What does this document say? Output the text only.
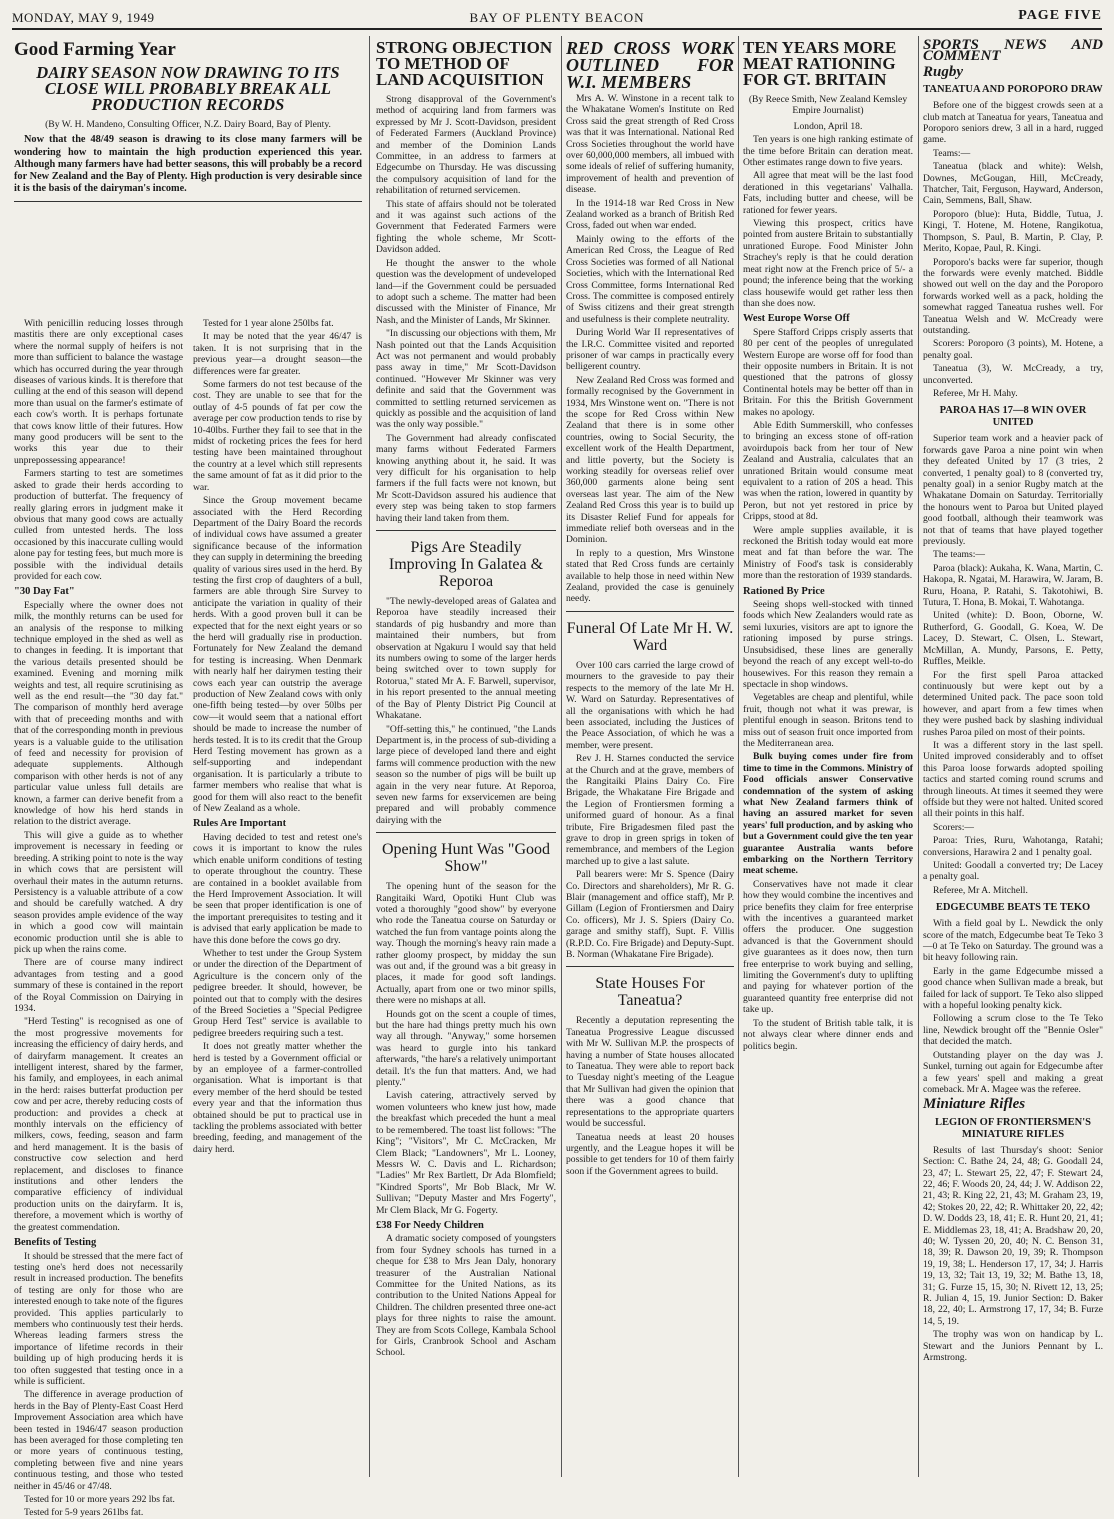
MONDAY, MAY 9, 1949	BAY OF PLENTY BEACON	PAGE FIVE
Good Farming Year
DAIRY SEASON NOW DRAWING TO ITS CLOSE WILL PROBABLY BREAK ALL PRODUCTION RECORDS

(By W. H. Mandeno, Consulting Officer, N.Z. Dairy Board, Bay of Plenty.

Now that the 48/49 season is drawing to its close many farmers will be wondering how to maintain the high production experienced this year. Although many farmers have had better seasons, this will probably be a record for New Zealand and the Bay of Plenty. High production is very desirable since it is the basis of the dairyman's income.

With penicillin reducing losses through mastitis there are only exceptional cases where the normal supply of heifers is not more than sufficient to balance the wastage which has occurred during the year through diseases of various kinds. It is therefore that culling at the end of this season will depend more than usual on the farmer's estimate of each cow's worth. It is perhaps fortunate that cows know little of their futures. How many good producers will be sent to the works this year due to their unprepossessing appearance!

Farmers starting to test are sometimes asked to grade their herds according to production of butterfat. The frequency of really glaring errors in judgment make it obvious that many good cows are actually culled from untested herds. The loss occasioned by this inaccurate culling would alone pay for testing fees, but much more is possible with the individual details provided for each cow.

"30 Day Fat"

Especially where the owner does not milk, the monthly returns can be used for an analysis of the response to milking technique employed in the shed as well as to changes in feeding. It is important that the various details presented should be examined. Evening and morning milk weights and test, all require scrutinising as well as the end result—the "30 day fat." The comparison of monthly herd average with that of preceeding months and with that of the corresponding month in previous years is a valuable guide to the utilisation of feed and necessity for provision of adequate supplements. Although comparison with other herds is not of any particular value unless full details are known, a farmer can derive benefit from a knowledge of how his herd stands in relation to the district average.

This will give a guide as to whether improvement is necessary in feeding or breeding. A striking point to note is the way in which cows that are persistent will overhaul their mates in the autumn returns. Persistency is a valuable attribute of a cow and should be carefully watched. A dry season provides ample evidence of the way in which a good cow will maintain economic production until she is able to pick up when the rains come.

There are of course many indirect advantages from testing and a good summary of these is contained in the report of the Royal Commission on Dairying in 1934.

"Herd Testing" is recognised as one of the most progressive movements for increasing the efficiency of dairy herds, and of dairyfarm management. It creates an intelligent interest, shared by the farmer, his family, and employees, in each animal in the herd: raises butterfat production per cow and per acre, thereby reducing costs of production: and provides a check at monthly intervals on the efficiency of milkers, cows, feeding, season and farm and herd management. It is the basis of constructive cow selection and herd replacement, and discloses to finance institutions and other lenders the comparative efficiency of individual production units on the dairyfarm. It is, therefore, a movement which is worthy of the greatest commendation.

Benefits of Testing

It should be stressed that the mere fact of testing one's herd does not necessarily result in increased production. The benefits of testing are only for those who are interested enough to take note of the figures provided. This applies particularly to members who continuously test their herds. Whereas leading farmers stress the importance of lifetime records in their building up of high producing herds it is too often suggested that testing once in a while is sufficient.

The difference in average production of herds in the Bay of Plenty-East Coast Herd Improvement Association area which have been tested in 1946/47 season production has been averaged for those completing ten or more years of continuous testing, completing between five and nine years continuous testing, and those who tested neither in 45/46 or 47/48.

Tested for 10 or more years 292 lbs fat.

Tested for 5-9 years 261lbs fat.

Tested for 1 year alone 250lbs fat.

It may be noted that the year 46/47 is taken. It is not surprising that in the previous year—a drought season—the differences were far greater.

Some farmers do not test because of the cost. They are unable to see that for the outlay of 4-5 pounds of fat per cow the average per cow production tends to rise by 10-40lbs. Further they fail to see that in the midst of rocketing prices the fees for herd testing have been maintained throughout the country at a level which still represents the same amount of fat as it did prior to the war.

Since the Group movement became associated with the Herd Recording Department of the Dairy Board the records of individual cows have assumed a greater significance because of the information they can supply in determining the breeding quality of various sires used in the herd. By testing the first crop of daughters of a bull, farmers are able through Sire Survey to anticipate the variation in quality of their herds. With a good proven bull it can be expected that for the next eight years or so the herd will gradually rise in production. Fortunately for New Zealand the demand for testing is increasing. When Denmark with nearly half her dairymen testing their cows each year can outstrip the average production of New Zealand cows with only one-fifth being tested—by over 50lbs per cow—it would seem that a national effort should be made to increase the number of herds tested. It is to its credit that the Group Herd Testing movement has grown as a self-supporting and independant organisation. It is particularly a tribute to farmer members who realise that what is good for them will also react to the benefit of New Zealand as a whole.

Rules Are Important

Having decided to test and retest one's cows it is important to know the rules which enable uniform conditions of testing to operate throughout the country. These are contained in a booklet available from the Herd Improvement Association. It will be seen that proper identification is one of the important prerequisites to testing and it is advised that early application be made to have this done before the cows go dry.

Whether to test under the Group System or under the direction of the Department of Agriculture is the concern only of the pedigree breeder. It should, however, be pointed out that to comply with the desires of the Breed Societies a "Special Pedigree Group Herd Test" service is available to pedigree breeders requiring such a test.

It does not greatly matter whether the herd is tested by a Government official or by an employee of a farmer-controlled organisation. What is important is that every member of the herd should be tested every year and that the information thus obtained should be put to practical use in tackling the problems associated with better breeding, feeding, and management of the dairy herd.

STRONG OBJECTION TO METHOD OF LAND ACQUISITION

Strong disapproval of the Government's method of acquiring land from farmers was expressed by Mr J. Scott-Davidson, president of Federated Farmers (Auckland Province) and member of the Dominion Lands Committee, in an address to farmers at Edgecumbe on Thursday. He was discussing the compulsory acquisition of land for the rehabilitation of returned servicemen.

This state of affairs should not be tolerated and it was against such actions of the Government that Federated Farmers were fighting the whole scheme, Mr Scott-Davidson added.

He thought the answer to the whole question was the development of undeveloped land—if the Government could be persuaded to adopt such a scheme. The matter had been discussed with the Minister of Finance, Mr Nash, and the Minister of Lands, Mr Skinner.

"In discussing our objections with them, Mr Nash pointed out that the Lands Acquisition Act was not permanent and would probably pass away in time," Mr Scott-Davidson continued. "However Mr Skinner was very definite and said that the Government was committed to settling returned servicemen as quickly as possible and the acquisition of land was the only way possible."

The Government had already confiscated many farms without Federated Farmers knowing anything about it, he said. It was very difficult for his organisation to help farmers if the full facts were not known, but Mr Scott-Davidson assured his audience that every step was being taken to stop farmers having their land taken from them.

Pigs Are Steadily Improving In Galatea & Reporoa

"The newly-developed areas of Galatea and Reporoa have steadily increased their standards of pig husbandry and more than maintained their numbers, but from observation at Ngakuru I would say that held its numbers owing to some of the larger herds being switched over to town supply for Rotorua," stated Mr A. F. Barwell, supervisor, in his report presented to the annual meeting of the Bay of Plenty District Pig Council at Whakatane.

"Off-setting this," he continued, "the Lands Department is, in the process of sub-dividing a large piece of developed land there and eight farms will commence production with the new season so the number of pigs will be built up again in the very near future. At Reporoa, seven new farms for exservicemen are being prepared and will probably commence dairying with the

Opening Hunt Was "Good Show"

The opening hunt of the season for the Rangitaiki Ward, Opotiki Hunt Club was voted a thoroughly "good show" by everyone who rode the Taneatua course on Saturday or watched the fun from vantage points along the way. Though the morning's heavy rain made a rather gloomy prospect, by midday the sun was out and, if the ground was a bit greasy in places, it made for good soft landings. Actually, apart from one or two minor spills, there were no mishaps at all.

Hounds got on the scent a couple of times, but the hare had things pretty much his own way all through. "Anyway," some horsemen was heard to gurgle into his tankard afterwards, "the hare's a relatively unimportant detail. It's the fun that matters. And, we had plenty."

Lavish catering, attractively served by women volunteers who knew just how, made the breakfast which preceded the hunt a meal to be remembered. The toast list follows: "The King"; "Visitors", Mr C. McCracken, Mr Clem Black; "Landowners", Mr L. Looney, Messrs W. C. Davis and L. Richardson; "Ladies" Mr Rex Bartlett, Dr Ada Blomfield; "Kindred Sports", Mr Bob Black, Mr W. Sullivan; "Deputy Master and Mrs Fogerty", Mr Clem Black, Mr G. Fogerty.

£38 For Needy Children

A dramatic society composed of youngsters from four Sydney schools has turned in a cheque for £38 to Mrs Jean Daly, honorary treasurer of the Australian National Committee for the United Nations, as its contribution to the United Nations Appeal for Children. The children presented three one-act plays for three nights to raise the amount. They are from Scots College, Kambala School for Girls, Cranbrook School and Ascham School.

RED CROSS WORK OUTLINED FOR W.I. MEMBERS

Mrs A. W. Winstone in a recent talk to the Whakatane Women's Institute on Red Cross said the great strength of Red Cross was that it was International. National Red Cross Societies throughout the world have over 60,000,000 members, all imbued with some ideals of relief of suffering humanity, improvement of health and prevention of disease.

In the 1914-18 war Red Cross in New Zealand worked as a branch of British Red Cross, faded out when war ended.

Mainly owing to the efforts of the American Red Cross, the League of Red Cross Societies was formed of all National Societies, which with the International Red Cross Committee, forms International Red Cross. The committee is composed entirely of Swiss citizens and their great strength and usefulness is their complete neutrality.

During World War II representatives of the I.R.C. Committee visited and reported prisoner of war camps in practically every belligerent country.

New Zealand Red Cross was formed and formally recognised by the Government in 1934, Mrs Winstone went on. "There is not the scope for Red Cross within New Zealand that there is in some other countries, owing to Social Security, the excellent work of the Health Department, and little poverty, but the Society is working steadily for overseas relief over 360,000 garments alone being sent overseas last year. The aim of the New Zealand Red Cross this year is to build up its Disaster Relief Fund for appeals for immediate relief both overseas and in the Dominion.

In reply to a question, Mrs Winstone stated that Red Cross funds are certainly available to help those in need within New Zealand, provided the case is genuinely needy.

Funeral Of Late Mr H. W. Ward

Over 100 cars carried the large crowd of mourners to the graveside to pay their respects to the memory of the late Mr H. W. Ward on Saturday. Representatives of all the organisations with which he had been associated, including the Justices of the Peace Association, of which he was a member, were present.

Rev J. H. Starnes conducted the service at the Church and at the grave, members of the Rangitaiki Plains Dairy Co. Fire Brigade, the Whakatane Fire Brigade and the Legion of Frontiersmen forming a uniformed guard of honour. As a final tribute, Fire Brigadesmen filed past the grave to drop in green sprigs in token of remembrance, and members of the Legion marched up to give a last salute.

Pall bearers were: Mr S. Spence (Dairy Co. Directors and shareholders), Mr R. G. Blair (management and office staff), Mr P. Gillam (Legion of Frontiersmen and Dairy Co. officers), Mr J. S. Spiers (Dairy Co. garage and smithy staff), Supt. F. Villis (R.P.D. Co. Fire Brigade) and Deputy-Supt. B. Norman (Whakatane Fire Brigade).

State Houses For Taneatua?

Recently a deputation representing the Taneatua Progressive League discussed with Mr W. Sullivan M.P. the prospects of having a number of State houses allocated to Taneatua. They were able to report back to Tuesday night's meeting of the League that Mr Sullivan had given the opinion that there was a good chance that representations to the appropriate quarters would be successful.

Taneatua needs at least 20 houses urgently, and the League hopes it will be possible to get tenders for 10 of them fairly soon if the Government agrees to build.

TEN YEARS MORE MEAT RATIONING FOR GT. BRITAIN

(By Reece Smith, New Zealand Kemsley Empire Journalist)

London, April 18.

Ten years is one high ranking estimate of the time before Britain can deration meat. Other estimates range down to five years.

All agree that meat will be the last food derationed in this vegetarians' Valhalla. Fats, including butter and cheese, will be rationed for fewer years.

Viewing this prospect, critics have pointed from austere Britain to substantially unrationed Europe. Food Minister John Strachey's reply is that he could deration meat right now at the French price of 5/- a pound; the inference being that the working class housewife would get rather less then than she does now.

West Europe Worse Off

Spere Stafford Cripps crisply asserts that 80 per cent of the peoples of unregulated Western Europe are worse off for food than their opposite numbers in Britain. It is not questioned that the patrons of glossy Continental hotels may be better off than in Britain. For this the British Government makes no apology.

Able Edith Summerskill, who confesses to bringing an excess stone of off-ration avoirdupois back from her tour of New Zealand and Australia, calculates that an unrationed Britain would consume meat equivalent to a ration of 20S a head. This was when the ration, lowered in quantity by Peron, but not yet restored in price by Cripps, stood at 8d.

Were ample supplies available, it is reckoned the British today would eat more meat and fat than before the war. The Ministry of Food's task is considerably more than the restoration of 1939 standards.

Rationed By Price

Seeing shops well-stocked with tinned foods which New Zealanders would rate as semi luxuries, visitors are apt to ignore the rationing imposed by purse strings. Unsubsidised, these lines are generally beyond the reach of any except well-to-do housewives. For this reason they remain a spectacle in shop windows.

Vegetables are cheap and plentiful, while fruit, though not what it was prewar, is plentiful enough in season. Britons tend to miss out of season fruit once imported from the Mediterranean area.

Bulk buying comes under fire from time to time in the Commons. Ministry of Food officials answer Conservative condemnation of the system of asking what New Zealand farmers think of having an assured market for seven years' full production, and by asking who but a Government could give the ten year guarantee Australia wants before embarking on the Northern Territory meat scheme.

Conservatives have not made it clear how they would combine the incentives and price benefits they claim for free enterprise with the incentives a guaranteed market offers the producer. One suggestion advanced is that the Government should give guarantees as it does now, then turn free enterprise to work buying and selling, limiting the Government's duty to uplifting and paying for whatever portion of the guaranteed quantity free enterprise did not take up.

To the student of British table talk, it is not always clear where dinner ends and politics begin.

SPORTS NEWS AND COMMENT
Rugby
TANEATUA AND POROPORO DRAW

Before one of the biggest crowds seen at a club match at Taneatua for years, Taneatua and Poroporo seniors drew, 3 all in a hard, rugged game.

Teams:—

Taneatua (black and white): Welsh, Downes, McGougan, Hill, McCready, Thatcher, Tait, Ferguson, Hayward, Anderson, Cain, Semmens, Ball, Shaw.

Poroporo (blue): Huta, Biddle, Tutua, J. Kingi, T. Hotene, M. Hotene, Rangikotua, Thompson, S. Paul, B. Martin, P. Clay, P. Merito, Kopae, Paul, R. Kingi.

Poroporo's backs were far superior, though the forwards were evenly matched. Biddle showed out well on the day and the Poroporo forwards worked well as a pack, holding the somewhat ragged Taneatua rushes well. For Taneatua Welsh and W. McCready were outstanding.

Scorers: Poroporo (3 points), M. Hotene, a penalty goal.

Taneatua (3), W. McCready, a try, unconverted.

Referee, Mr H. Mahy.

PAROA HAS 17—8 WIN OVER UNITED

Superior team work and a heavier pack of forwards gave Paroa a nine point win when they defeated United by 17 (3 tries, 2 converted, 1 penalty goal) to 8 (converted try, penalty goal) in a senior Rugby match at the Whakatane Domain on Saturday. Territorially the honours went to Paroa but United played good football, although their teamwork was not that of teams that have played together previously.

The teams:—

Paroa (black): Aukaha, K. Wana, Martin, C. Hakopa, R. Ngatai, M. Harawira, W. Jaram, B. Ruru, Hoana, P. Ratahi, S. Takotohiwi, B. Tutura, T. Hona, B. Mokai, T. Wahotanga.

United (white): D. Boon, Oborne, W. Rutherford, G. Goodall, G. Koea, W. De Lacey, D. Stewart, C. Olsen, L. Stewart, McMillan, A. Mundy, Parsons, E. Petty, Ruffles, Meikle.

For the first spell Paroa attacked continuously but were kept out by a determined United pack. The pace soon told however, and apart from a few times when they were pushed back by slashing individual rushes Paroa piled on most of their points.

It was a different story in the last spell. United improved considerably and to offset this Paroa loose forwards adopted spoiling tactics and started coming round scrums and through lineouts. At times it seemed they were offside but they were not halted. United scored all their points in this half.

Scorers:—

Paroa: Tries, Ruru, Wahotanga, Ratahi; conversions, Harawira 2 and 1 penalty goal.

United: Goodall a converted try; De Lacey a penalty goal.

Referee, Mr A. Mitchell.

EDGECUMBE BEATS TE TEKO

With a field goal by L. Newdick the only score of the match, Edgecumbe beat Te Teko 3—0 at Te Teko on Saturday. The ground was a bit heavy following rain.

Early in the game Edgecumbe missed a good chance when Sullivan made a break, but failed for lack of support. Te Teko also slipped with a hopeful looking penalty kick.

Following a scrum close to the Te Teko line, Newdick brought off the "Bennie Osler" that decided the match.

Outstanding player on the day was J. Sunkel, turning out again for Edgecumbe after a few years' spell and making a great comeback. Mr A. Magee was the referee.

Miniature Rifles
LEGION OF FRONTIERSMEN'S MINIATURE RIFLES

Results of last Thursday's shoot: Senior Section: C. Bathe 24, 24, 48; G. Goodall 24, 23, 47; L. Stewart 25, 22, 47; F. Stewart 24, 22, 46; F. Woods 20, 24, 44; J. W. Addison 22, 21, 43; R. King 22, 21, 43; M. Graham 23, 19, 42; Stokes 20, 22, 42; R. Whittaker 20, 22, 42; D. W. Dodds 23, 18, 41; E. R. Hunt 20, 21, 41; E. Middlemas 23, 18, 41; A. Bradshaw 20, 20, 40; W. Tyssen 20, 20, 40; N. C. Benson 31, 18, 39; R. Dawson 20, 19, 39; R. Thompson 19, 19, 38; L. Henderson 17, 17, 34; J. Harris 19, 13, 32; Tait 13, 19, 32; M. Bathe 13, 18, 31; G. Furze 15, 15, 30; N. Rivett 12, 13, 25; R. Julian 4, 15, 19. Junior Section: D. Baker 18, 22, 40; L. Armstrong 17, 17, 34; B. Furze 14, 5, 19.

The trophy was won on handicap by L. Stewart and the Juniors Pennant by L. Armstrong.
